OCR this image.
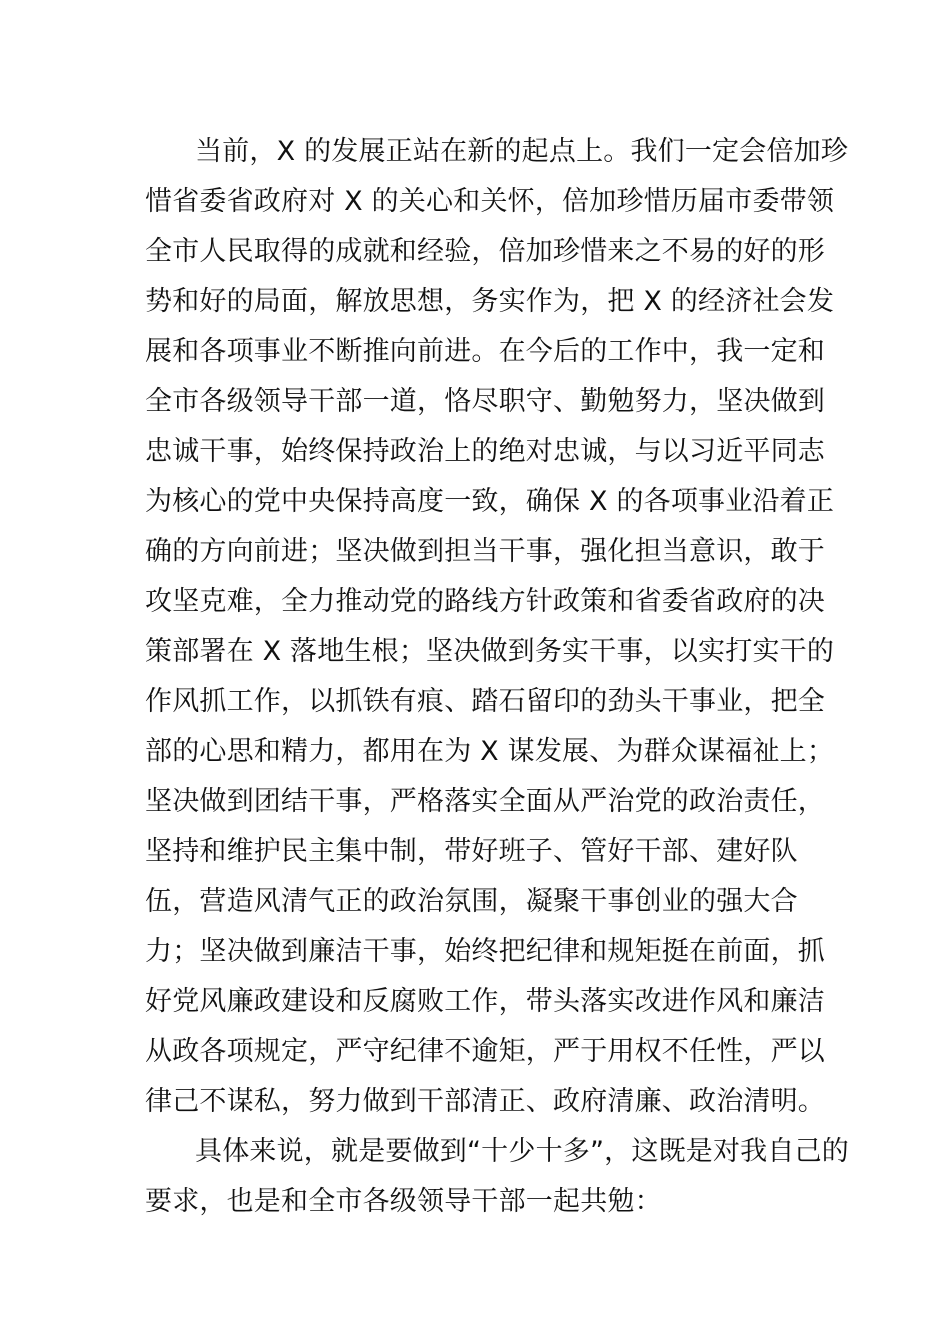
当前，X 的发展正站在新的起点上。我们一定会倍加珍
惜省委省政府对 X 的关心和关怀，倍加珍惜历届市委带领
全市人民取得的成就和经验，倍加珍惜来之不易的好的形
势和好的局面，解放思想，务实作为，把 X 的经济社会发
展和各项事业不断推向前进。在今后的工作中，我一定和
全市各级领导干部一道，恪尽职守、勤勉努力，坚决做到
忠诚干事，始终保持政治上的绝对忠诚，与以习近平同志
为核心的党中央保持高度一致，确保 X 的各项事业沿着正
确的方向前进；坚决做到担当干事，强化担当意识，敢于
攻坚克难，全力推动党的路线方针政策和省委省政府的决
策部署在 X 落地生根；坚决做到务实干事，以实打实干的
作风抓工作，以抓铁有痕、踏石留印的劲头干事业，把全
部的心思和精力，都用在为 X 谋发展、为群众谋福祉上；
坚决做到团结干事，严格落实全面从严治党的政治责任，
坚持和维护民主集中制，带好班子、管好干部、建好队
伍，营造风清气正的政治氛围，凝聚干事创业的强大合
力；坚决做到廉洁干事，始终把纪律和规矩挺在前面，抓
好党风廉政建设和反腐败工作，带头落实改进作风和廉洁
从政各项规定，严守纪律不逾矩，严于用权不任性，严以
律己不谋私，努力做到干部清正、政府清廉、政治清明。
具体来说，就是要做到“十少十多”，这既是对我自己的
要求，也是和全市各级领导干部一起共勉：
